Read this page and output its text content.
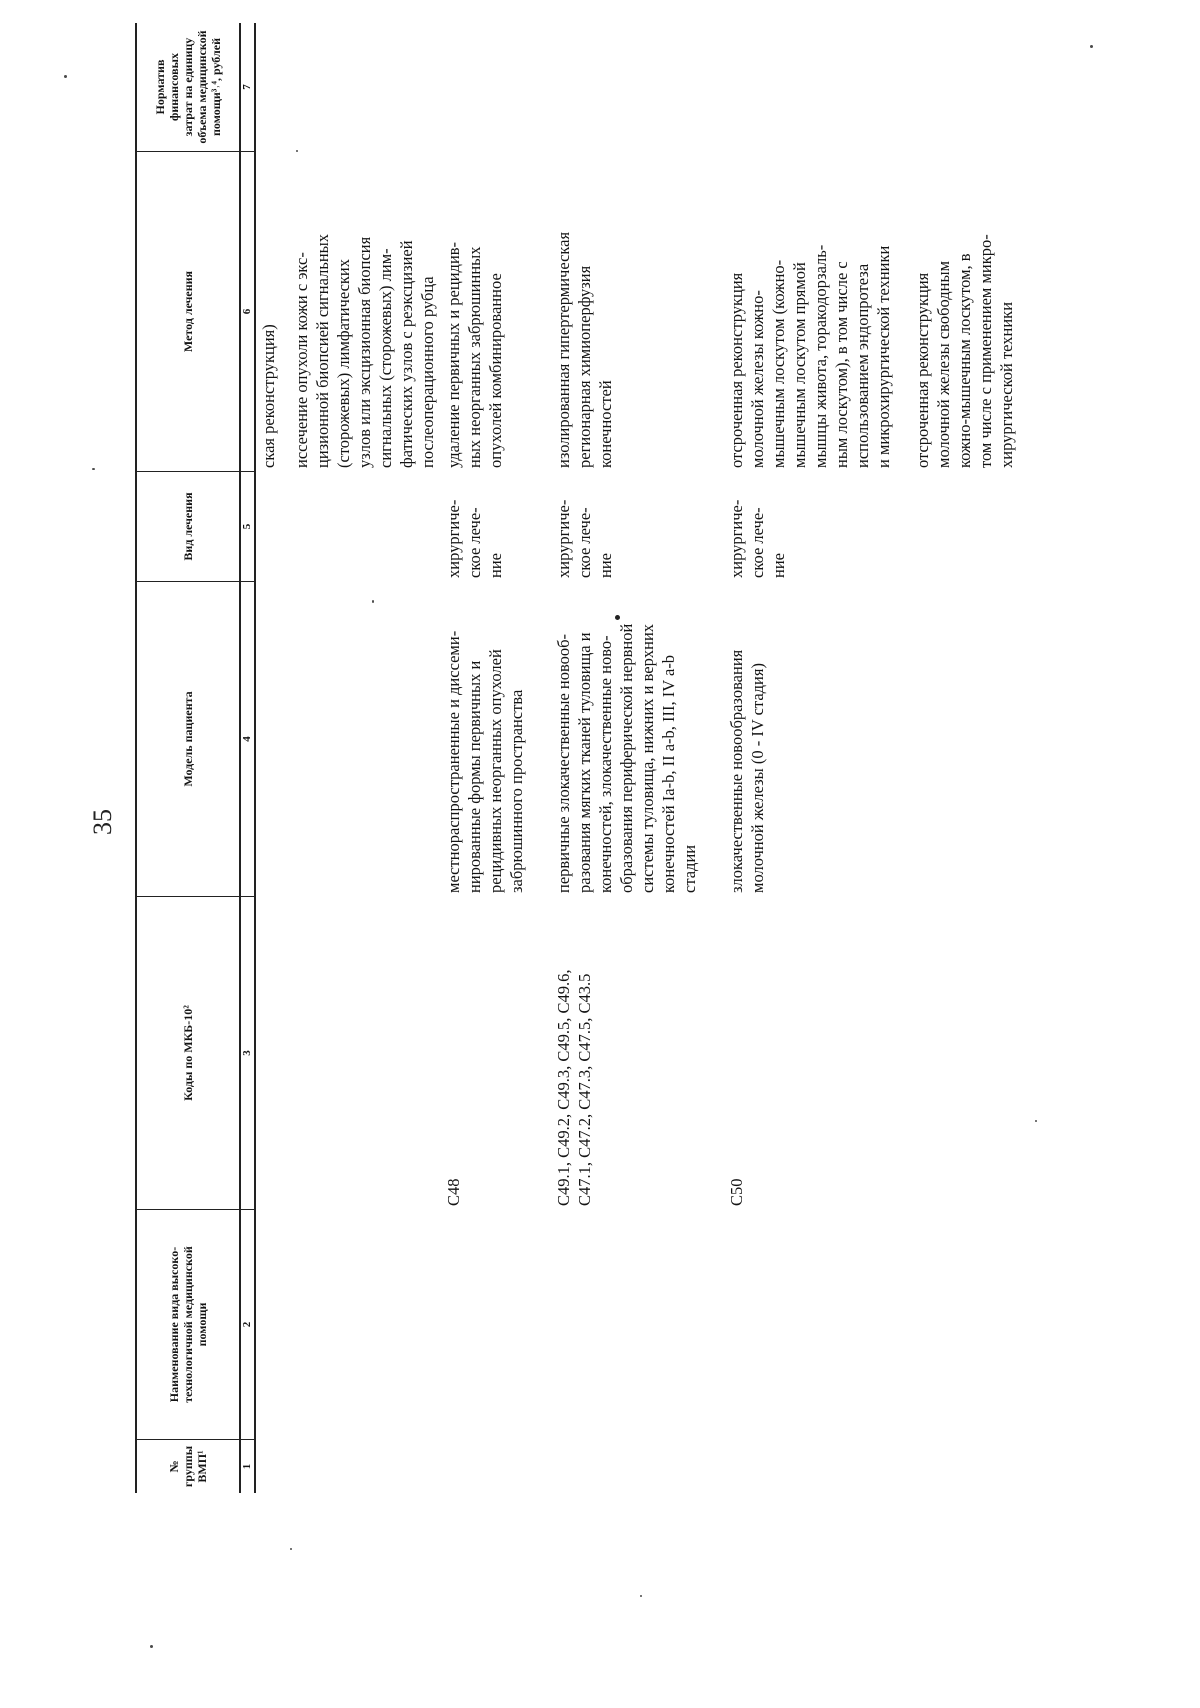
35
№
группы
ВМП¹
Наименование вида высоко-
технологичной медицинской
помощи
Коды по МКБ-10²
Модель пациента
Вид лечения
Метод лечения
Норматив финансовых
затрат на единицу
объема медицинской
помощи³˒⁴, рублей
1
2
3
4
5
6
7
ская реконструкция) иссечение опухоли кожи с экс-
цизионной биопсией сигнальных
(сторожевых) лимфатических
узлов или эксцизионная биопсия
сигнальных (сторожевых) лим-
фатических узлов с реэксцизией
послеоперационного рубца
C48
местнораспространенные и диссеми-
нированные формы первичных и
рецидивных неорганных опухолей
забрюшинного пространства
хирургиче-
ское лече-
ние
удаление первичных и рецидив-
ных неорганных забрюшинных
опухолей комбинированное
C49.1, C49.2, C49.3, C49.5, C49.6,
C47.1, C47.2, C47.3, C47.5, C43.5
первичные злокачественные новооб-
разования мягких тканей туловища и
конечностей, злокачественные ново-
образования периферической нервной
системы туловища, нижних и верхних
конечностей Ia-b, II a-b, III, IV a-b
стадии
хирургиче-
ское лече-
ние
изолированная гипертермическая
регионарная химиоперфузия
конечностей
C50
злокачественные новообразования
молочной железы (0 - IV стадия)
хирургиче-
ское лече-
ние
отсроченная реконструкция
молочной железы кожно-
мышечным лоскутом (кожно-
мышечным лоскутом прямой
мышцы живота, торакодорзаль-
ным лоскутом), в том числе с
использованием эндопротеза
и микрохирургической техники
отсроченная реконструкция
молочной железы свободным
кожно-мышечным лоскутом, в
том числе с применением микро-
хирургической техники
